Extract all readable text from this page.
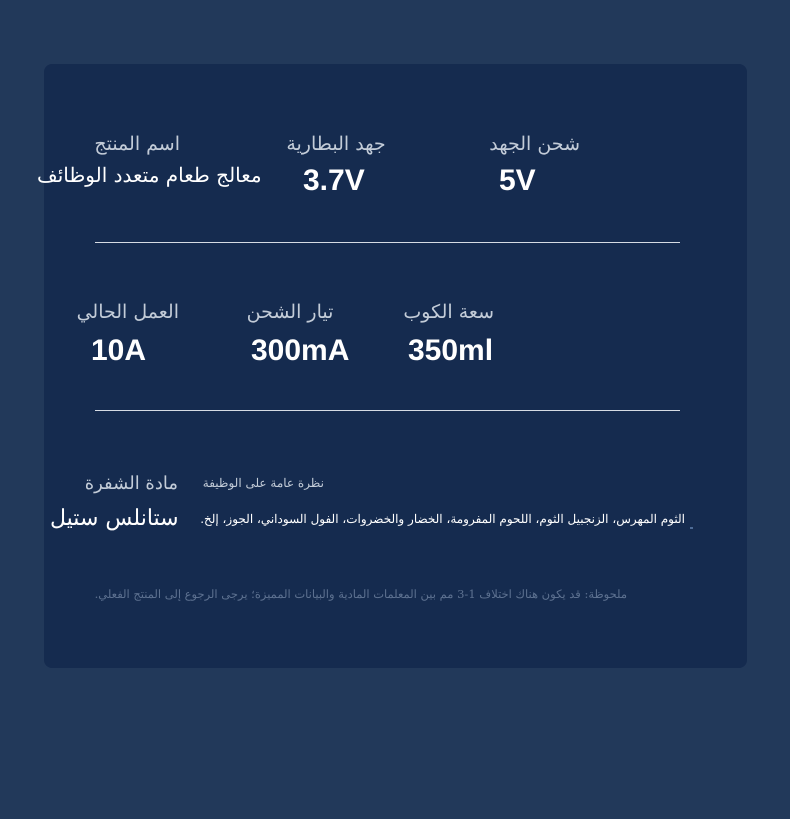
اسم المنتج
معالج طعام متعدد الوظائف
جهد البطارية
3.7V
شحن الجهد
5V
العمل الحالي
10A
تيار الشحن
300mA
سعة الكوب
350ml
مادة الشفرة
ستانلس ستيل
نظرة عامة على الوظيفة
الثوم المهرس، الزنجبيل الثوم، اللحوم المفرومة، الخضار والخضروات، الفول السوداني، الجوز، إلخ.
ملحوظة: قد يكون هناك اختلاف 1-3 مم بين المعلمات المادية والبيانات المميزة؛ يرجى الرجوع إلى المنتج الفعلي.
